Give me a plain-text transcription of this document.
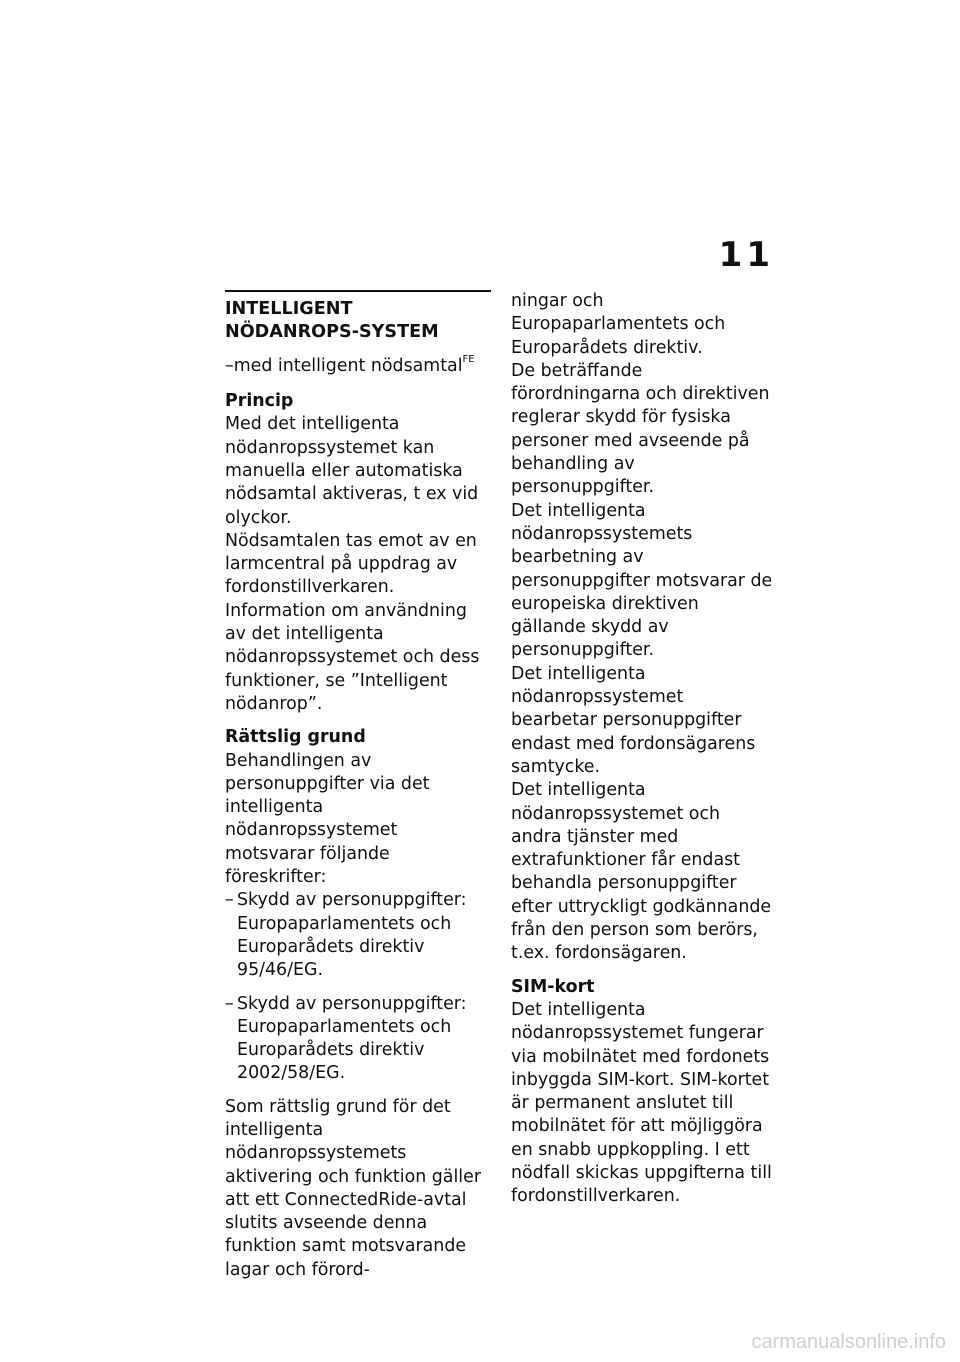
11
INTELLIGENT NÖDANROPS-SYSTEM

–med intelligent nödsamtal$^{FE}$

Princip

Med det intelligenta nödanropssystemet kan manuella eller automatiska nödsamtal aktiveras, t ex vid olyckor.

Nödsamtalen tas emot av en larmcentral på uppdrag av fordonstillverkaren.

Information om användning av det intelligenta nödanropssystemet och dess funktioner, se ”Intelligent nödanrop”.

Rättslig grund

Behandlingen av personuppgifter via det intelligenta nödanropssystemet motsvarar följande föreskrifter:

– Skydd av personuppgifter: Europaparlamentets och Europarådets direktiv 95/46/EG.
– Skydd av personuppgifter: Europaparlamentets och Europarådets direktiv 2002/58/EG.

Som rättslig grund för det intelligenta nödanropssystemets aktivering och funktion gäller att ett ConnectedRide-avtal slutits avseende denna funktion samt motsvarande lagar och förord-

ningar och Europaparlamentets och Europarådets direktiv.

De beträffande förordningarna och direktiven reglerar skydd för fysiska personer med avseende på behandling av personuppgifter.

Det intelligenta nödanropssystemets bearbetning av personuppgifter motsvarar de europeiska direktiven gällande skydd av personuppgifter.

Det intelligenta nödanropssystemet bearbetar personuppgifter endast med fordonsägarens samtycke.

Det intelligenta nödanropssystemet och andra tjänster med extrafunktioner får endast behandla personuppgifter efter uttryckligt godkännande från den person som berörs, t.ex. fordonsägaren.

SIM-kort

Det intelligenta nödanropssystemet fungerar via mobilnätet med fordonets inbyggda SIM-kort. SIM-kortet är permanent anslutet till mobilnätet för att möjliggöra en snabb uppkoppling. I ett nödfall skickas uppgifterna till fordonstillverkaren.

carmanualsonline.info
